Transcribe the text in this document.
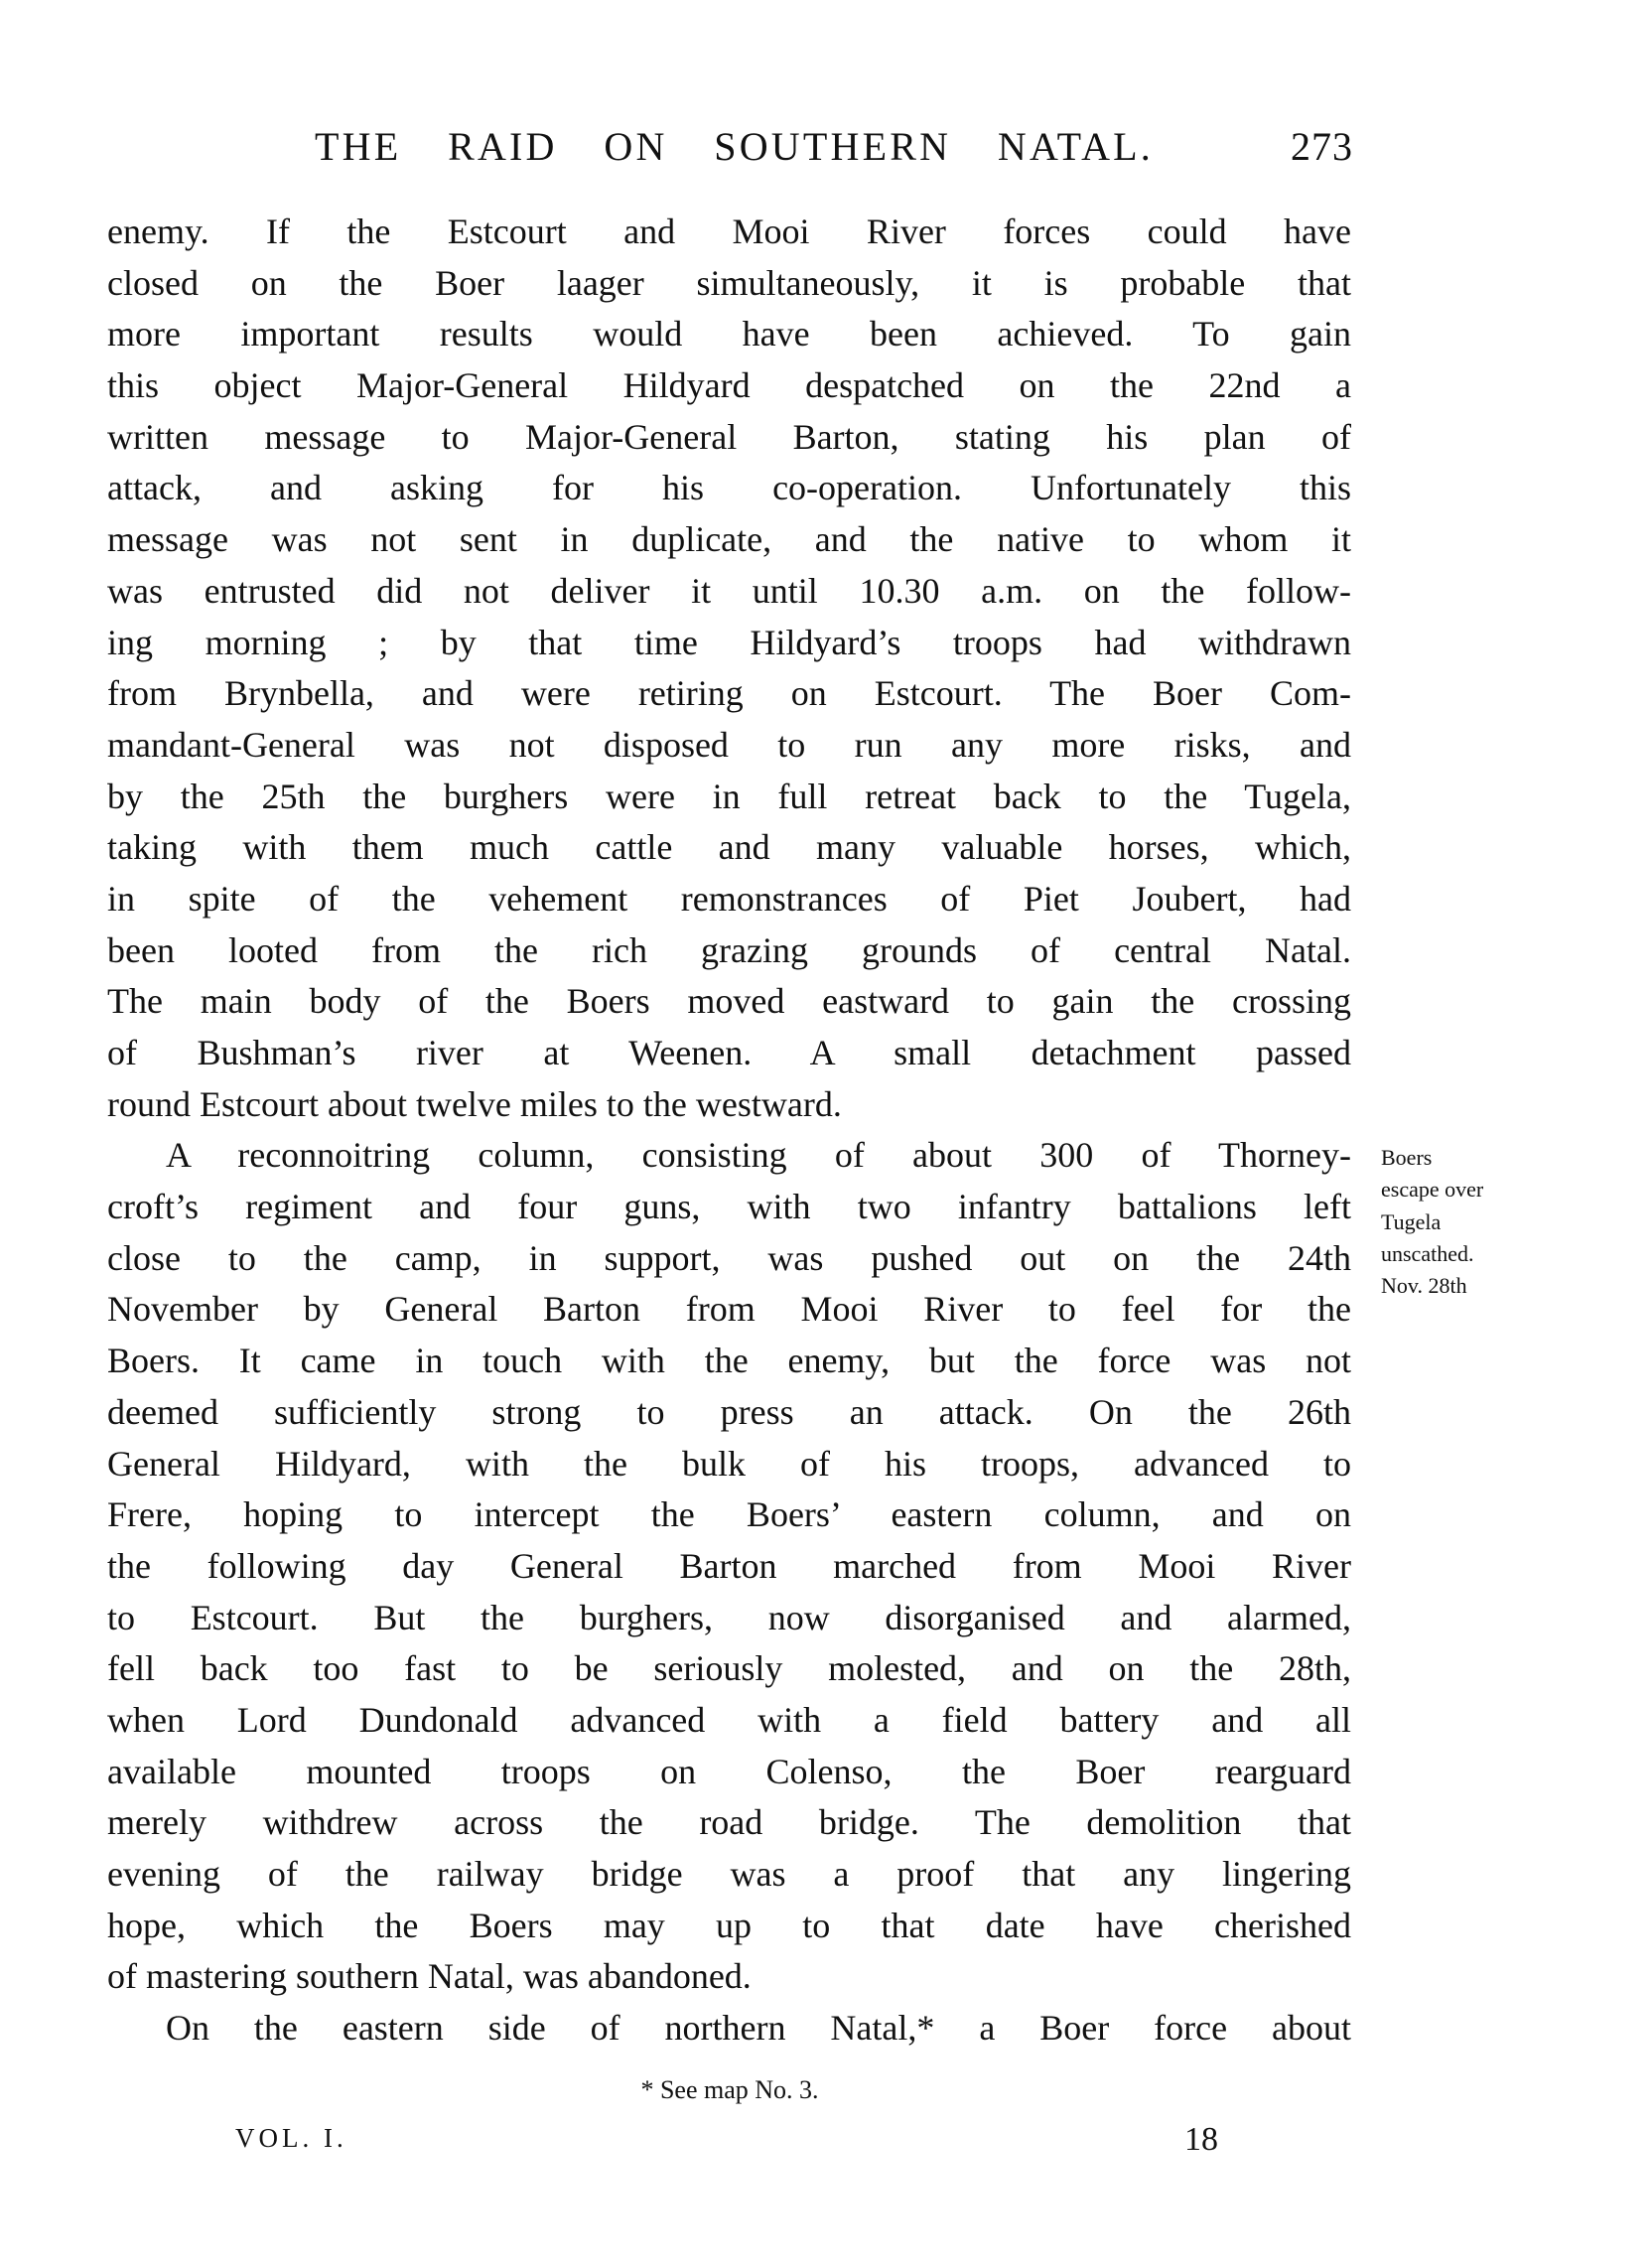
THE RAID ON SOUTHERN NATAL.	273
enemy. If the Estcourt and Mooi River forces could have
closed on the Boer laager simultaneously, it is probable that
more important results would have been achieved. To gain
this object Major-General Hildyard despatched on the 22nd a
written message to Major-General Barton, stating his plan of
attack, and asking for his co-operation. Unfortunately this
message was not sent in duplicate, and the native to whom it
was entrusted did not deliver it until 10.30 a.m. on the follow-
ing morning ; by that time Hildyard’s troops had withdrawn
from Brynbella, and were retiring on Estcourt. The Boer Com-
mandant-General was not disposed to run any more risks, and
by the 25th the burghers were in full retreat back to the Tugela,
taking with them much cattle and many valuable horses, which,
in spite of the vehement remonstrances of Piet Joubert, had
been looted from the rich grazing grounds of central Natal.
The main body of the Boers moved eastward to gain the crossing
of Bushman’s river at Weenen. A small detachment passed
round Estcourt about twelve miles to the westward.
A reconnoitring column, consisting of about 300 of Thorney-
croft’s regiment and four guns, with two infantry battalions left
close to the camp, in support, was pushed out on the 24th
November by General Barton from Mooi River to feel for the
Boers. It came in touch with the enemy, but the force was not
deemed sufficiently strong to press an attack. On the 26th
General Hildyard, with the bulk of his troops, advanced to
Frere, hoping to intercept the Boers’ eastern column, and on
the following day General Barton marched from Mooi River
to Estcourt. But the burghers, now disorganised and alarmed,
fell back too fast to be seriously molested, and on the 28th,
when Lord Dundonald advanced with a field battery and all
available mounted troops on Colenso, the Boer rearguard
merely withdrew across the road bridge. The demolition that
evening of the railway bridge was a proof that any lingering
hope, which the Boers may up to that date have cherished
of mastering southern Natal, was abandoned.
On the eastern side of northern Natal,* a Boer force about
Boers
escape over
Tugela
unscathed.
Nov. 28th
* See map No. 3.
VOL. I.	18
